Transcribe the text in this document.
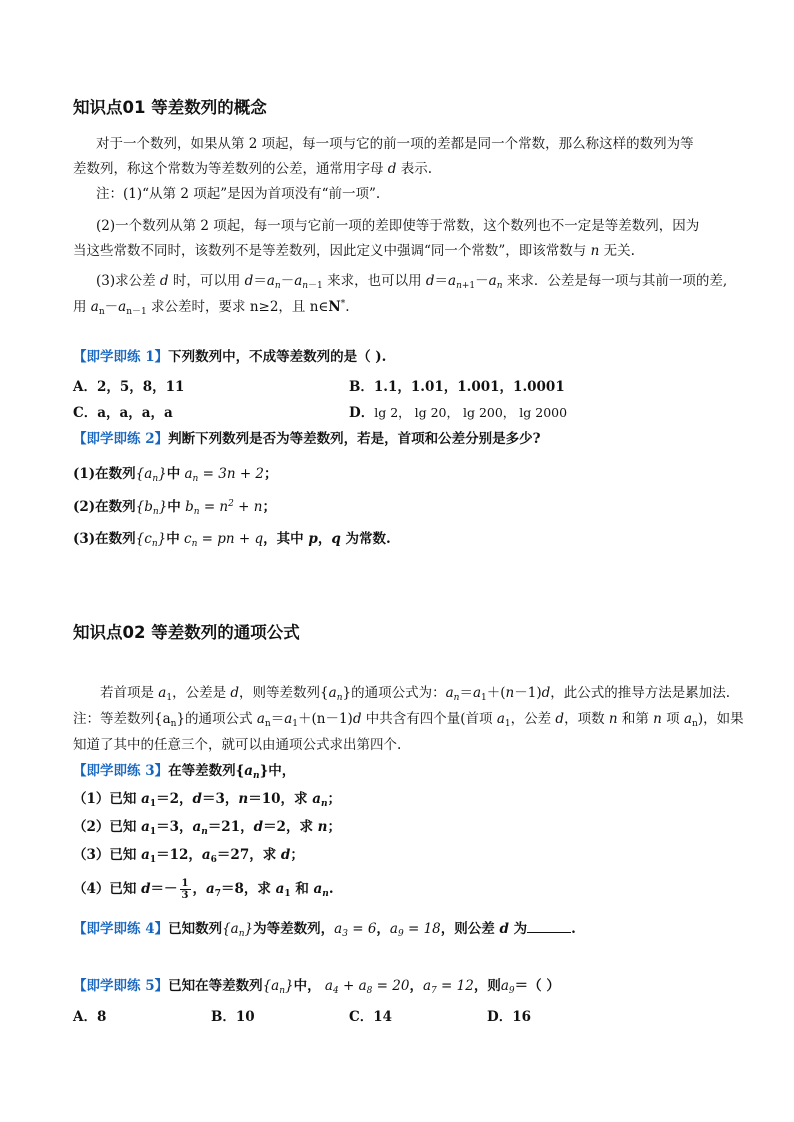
知识点01 等差数列的概念
对于一个数列，如果从第 2 项起，每一项与它的前一项的差都是同一个常数，那么称这样的数列为等
差数列，称这个常数为等差数列的公差，通常用字母 d 表示.
注：(1)“从第 2 项起”是因为首项没有“前一项”.
(2)一个数列从第 2 项起，每一项与它前一项的差即使等于常数，这个数列也不一定是等差数列，因为
当这些常数不同时，该数列不是等差数列，因此定义中强调“同一个常数”，即该常数与 n 无关.
(3)求公差 d 时，可以用 $d=a_n-a_{n-1}$ 来求，也可以用 $d=a_{n+1}-a_n$ 来求．公差是每一项与其前一项的差,
用 $a_n-a_{n-1}$ 求公差时，要求 n≥2，且 n∈N*.
【即学即练 1】下列数列中，不成等差数列的是（ ).
A．2，5，8，11	B．1.1，1.01，1.001，1.0001
C．a，a，a，a	D．lg 2， lg 20， lg 200， lg 2000
【即学即练 2】判断下列数列是否为等差数列，若是，首项和公差分别是多少?
(1)在数列$\{a_n\}$中 $a_n = 3n + 2$；
(2)在数列$\{b_n\}$中 $b_n = n^2 + n$；
(3)在数列$\{c_n\}$中 $c_n$ = pn + q，其中 p，q 为常数.
知识点02 等差数列的通项公式
若首项是 $a_1$，公差是 d，则等差数列$\{a_n\}$的通项公式为：$a_n=a_1+(n-1)d$，此公式的推导方法是累加法.
注：等差数列$\{a_n\}$的通项公式 $a_n=a_1+(n-1)d$ 中共含有四个量(首项 $a_1$，公差 d，项数 n 和第 n 项 $a_n$)，如果
知道了其中的任意三个，就可以由通项公式求出第四个.
【即学即练 3】在等差数列$\{a_n\}$中，
（1）已知 $a_1=2$，d＝3，n＝10，求 $a_n$；
（2）已知 $a_1=3$，$a_n=21$，d＝2，求 n；
（3）已知 $a_1=12$，$a_6=27$，求 d；
（4）已知 $d=- \frac{1}{3}$ ，$a_7=8$，求 $a_1$ 和 $a_n$.
【即学即练 4】已知数列$\{a_n\}$为等差数列，$a_3 = 6$，$a_9 = 18$，则公差 d 为	.
【即学即练 5】已知在等差数列$\{a_n\}$中， $a_4 + a_8 = 20$，$a_7 = 12$，则$a_9=$（ ）
A．8	B．10	C．14	D．16
